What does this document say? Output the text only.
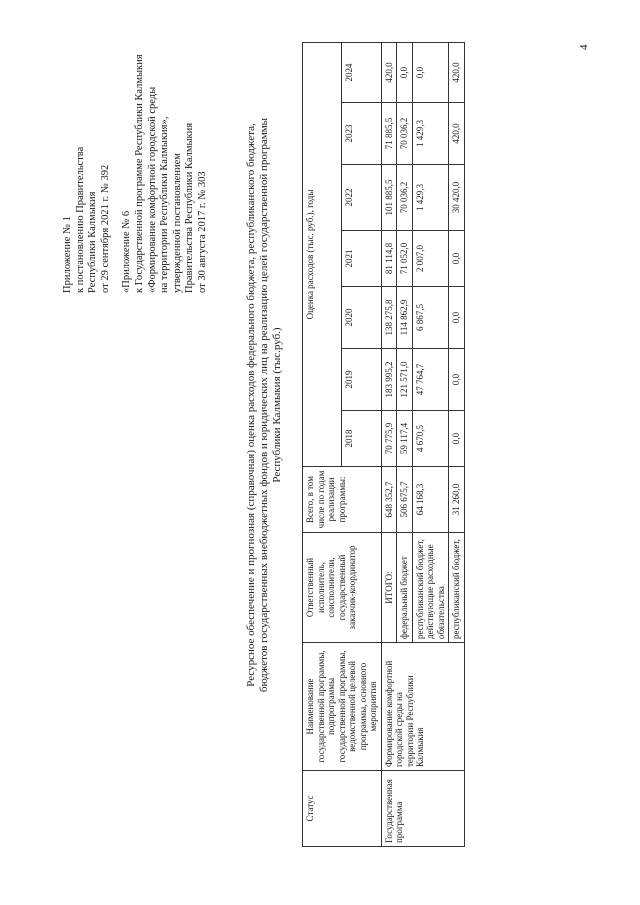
4

Приложение № 1 к постановлению Правительства Республики Калмыкия от 29 сентября 2021 г. № 392 «Приложение № 6 к Государственной программе Республики Калмыкия «Формирование комфортной городской среды на территории Республики Калмыкия», утвержденной постановлением Правительства Республики Калмыкия от 30 августа 2017 г. № 303	Ресурсное обеспечение и прогнозная (справочная) оценка расходов федерального бюджета, республиканского бюджета, бюджетов государственных внебюджетных фондов и юридических лиц на реализацию целей государственной программы Республики Калмыкия (тыс.руб.)
Статус	Наименование государственной программы, подпрограммы государственной программы, ведомственной целевой программы, основного мероприятия	Ответственный исполнитель, соисполнители, государственный заказчик-координатор	Всего, в том числе по годам реализации программы:	Оценка расходов (тыс. руб.), годы						
				2018	2019	2020	2021	2022	2023	2024
Государственная программа	Формирование комфортной городской среды на территории Республики Калмыкия	ИТОГО:	648 352,7	70 775,9	183 995,2	138 275,8	81 114,8	101 885,5	71 885,5	420,0
		федеральный бюджет	506 675,7	59 117,4	121 571,0	114 862,9	71 052,0	70 036,2	70 036,2	0,0
		республиканский бюджет, действующие расходные обязательства	64 168,3	4 670,5	47 764,7	6 867,5	2 007,0	1 429,3	1 429,3	0,0
		республиканский бюджет,	31 260,0	0,0	0,0	0,0	0,0	30 420,0	420,0	420,0
